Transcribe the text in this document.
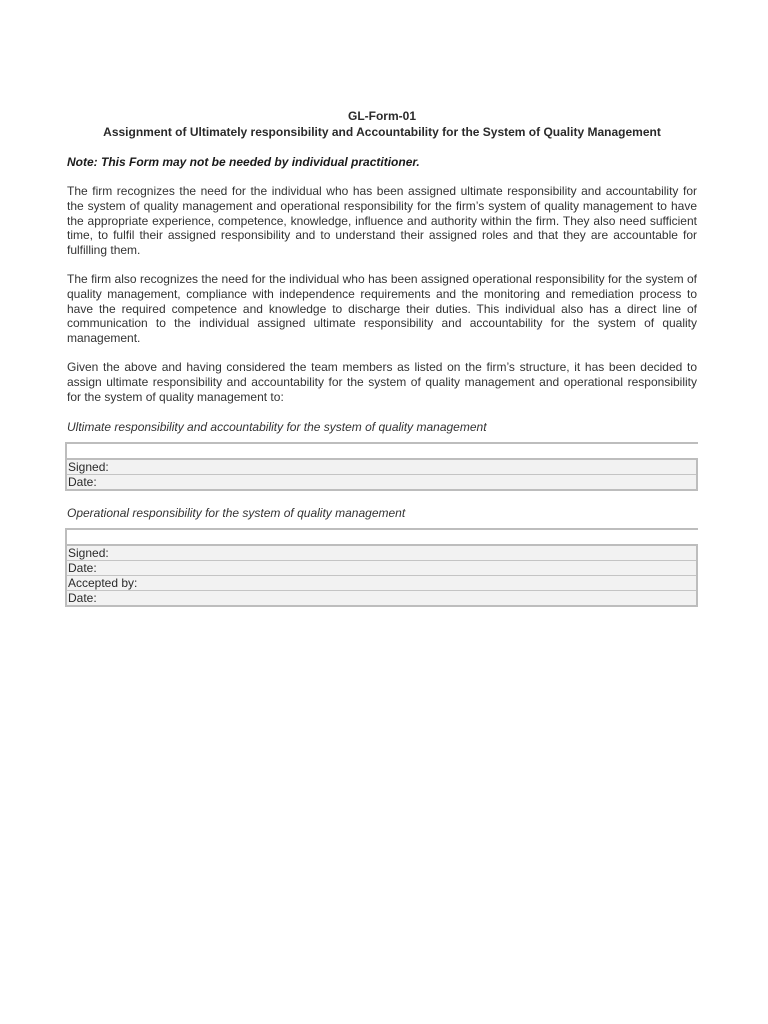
GL-Form-01
Assignment of Ultimately responsibility and Accountability for the System of Quality Management
Note: This Form may not be needed by individual practitioner.

The firm recognizes the need for the individual who has been assigned ultimate responsibility and accountability for the system of quality management and operational responsibility for the firm’s system of quality management to have the appropriate experience, competence, knowledge, influence and authority within the firm. They also need sufficient time, to fulfil their assigned responsibility and to understand their assigned roles and that they are accountable for fulfilling them.

The firm also recognizes the need for the individual who has been assigned operational responsibility for the system of quality management, compliance with independence requirements and the monitoring and remediation process to have the required competence and knowledge to discharge their duties. This individual also has a direct line of communication to the individual assigned ultimate responsibility and accountability for the system of quality management.

Given the above and having considered the team members as listed on the firm’s structure, it has been decided to assign ultimate responsibility and accountability for the system of quality management and operational responsibility for the system of quality management to:

Ultimate responsibility and accountability for the system of quality management
Signed:
Date:
Operational responsibility for the system of quality management
Signed:
Date:
Accepted by:
Date:
